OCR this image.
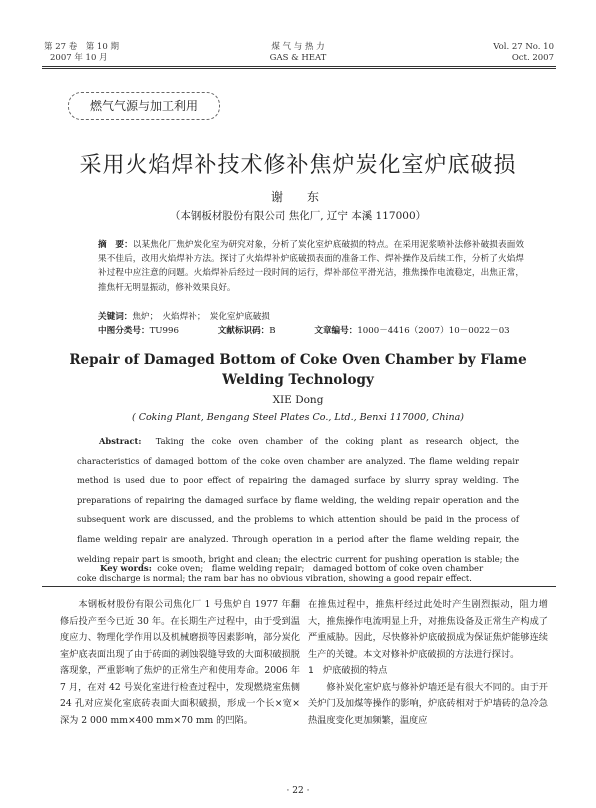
第 27 卷　第 10 期
2007 年 10 月
煤 气 与 热 力
GAS & HEAT
Vol. 27 No. 10
Oct. 2007
燃气气源与加工利用
采用火焰焊补技术修补焦炉炭化室炉底破损
谢　东
（本钢板材股份有限公司 焦化厂, 辽宁 本溪 117000）
摘　要：以某焦化厂焦炉炭化室为研究对象，分析了炭化室炉底破损的特点。在采用泥浆喷补法修补破损表面效果不佳后，改用火焰焊补方法。探讨了火焰焊补炉底破损表面的准备工作、焊补操作及后续工作，分析了火焰焊补过程中应注意的问题。火焰焊补后经过一段时间的运行，焊补部位平滑光洁，推焦操作电流稳定，出焦正常，推焦杆无明显振动，修补效果良好。
关键词：焦炉；　火焰焊补；　炭化室炉底破损
中图分类号：TU996	文献标识码：B	文章编号：1000－4416（2007）10－0022－03
Repair of Damaged Bottom of Coke Oven Chamber by Flame
Welding Technology
XIE Dong
( Coking Plant, Bengang Steel Plates Co., Ltd., Benxi 117000, China)
Abstract: Taking the coke oven chamber of the coking plant as research object, the characteristics of damaged bottom of the coke oven chamber are analyzed. The flame welding repair method is used due to poor effect of repairing the damaged surface by slurry spray welding. The preparations of repairing the damaged surface by flame welding, the welding repair operation and the subsequent work are discussed, and the problems to which attention should be paid in the process of flame welding repair are analyzed. Through operation in a period after the flame welding repair, the welding repair part is smooth, bright and clean; the electric current for pushing operation is stable; the coke discharge is normal; the ram bar has no obvious vibration, showing a good repair effect.
Key words: coke oven;　flame welding repair;　damaged bottom of coke oven chamber

本钢板材股份有限公司焦化厂 1 号焦炉自 1977 年翻修后投产至今已近 30 年。在长期生产过程中，由于受到温度应力、物理化学作用以及机械磨损等因素影响，部分炭化室炉底表面出现了由于砖面的剥蚀裂缝导致的大面积破损脱落现象，严重影响了焦炉的正常生产和使用寿命。2006 年 7 月，在对 42 号炭化室进行检查过程中，发现燃烧室焦侧 24 孔对应炭化室底砖表面大面积破损，形成一个长×宽×深为 2 000 mm×400 mm×70 mm 的凹陷。

在推焦过程中，推焦杆经过此处时产生剧烈振动，阻力增大，推焦操作电流明显上升，对推焦设备及正常生产构成了严重威胁。因此，尽快修补炉底破损成为保证焦炉能够连续生产的关键。本文对修补炉底破损的方法进行探讨。

1　炉底破损的特点

修补炭化室炉底与修补炉墙还是有很大不同的。由于开关炉门及加煤等操作的影响，炉底砖相对于炉墙砖的急冷急热温度变化更加频繁，温度应

· 22 ·
